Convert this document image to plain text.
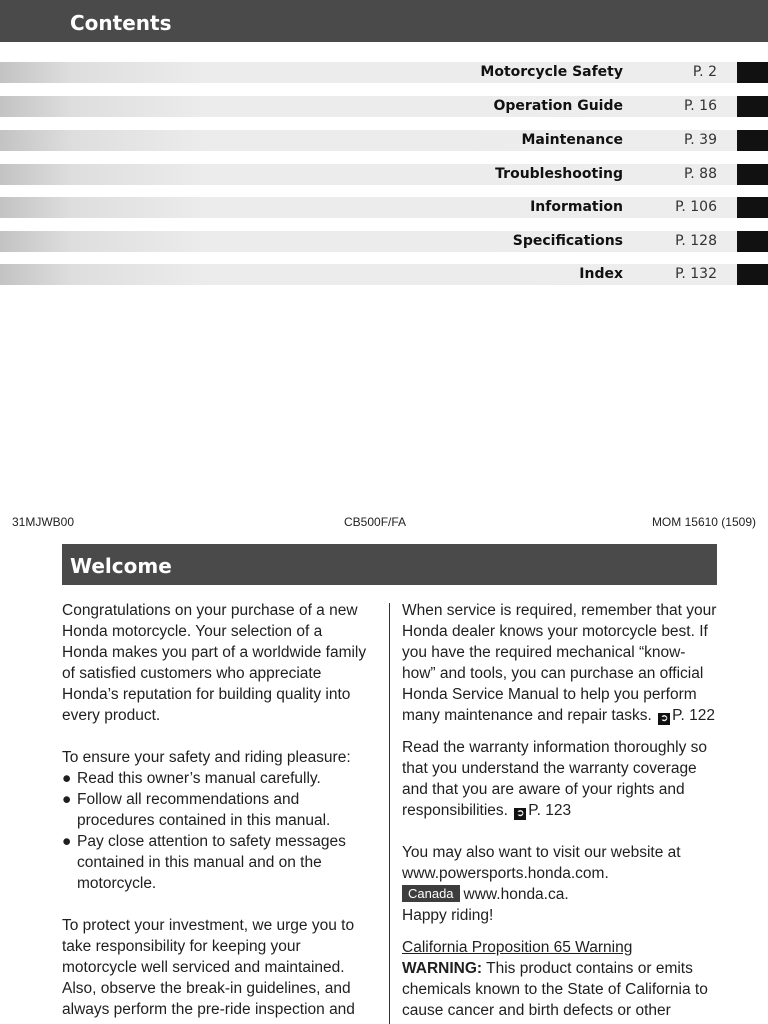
Contents
Motorcycle Safety	P. 2
Operation Guide	P. 16
Maintenance	P. 39
Troubleshooting	P. 88
Information	P. 106
Specifications	P. 128
Index	P. 132
31MJWB00	CB500F/FA	MOM 15610 (1509)
Welcome

Congratulations on your purchase of a new
Honda motorcycle. Your selection of a
Honda makes you part of a worldwide family
of satisfied customers who appreciate
Honda’s reputation for building quality into
every product.

To ensure your safety and riding pleasure:

● Read this owner’s manual carefully.
● Follow all recommendations and
procedures contained in this manual.
● Pay close attention to safety messages
contained in this manual and on the
motorcycle.

To protect your investment, we urge you to
take responsibility for keeping your
motorcycle well serviced and maintained.
Also, observe the break-in guidelines, and
always perform the pre-ride inspection and

When service is required, remember that your
Honda dealer knows your motorcycle best. If
you have the required mechanical “know-
how” and tools, you can purchase an official
Honda Service Manual to help you perform
many maintenance and repair tasks. ➲ P. 122

Read the warranty information thoroughly so
that you understand the warranty coverage
and that you are aware of your rights and
responsibilities. ➲ P. 123

You may also want to visit our website at
www.powersports.honda.com.
Canada www.honda.ca.
Happy riding!

California Proposition 65 Warning
WARNING: This product contains or emits
chemicals known to the State of California to
cause cancer and birth defects or other
